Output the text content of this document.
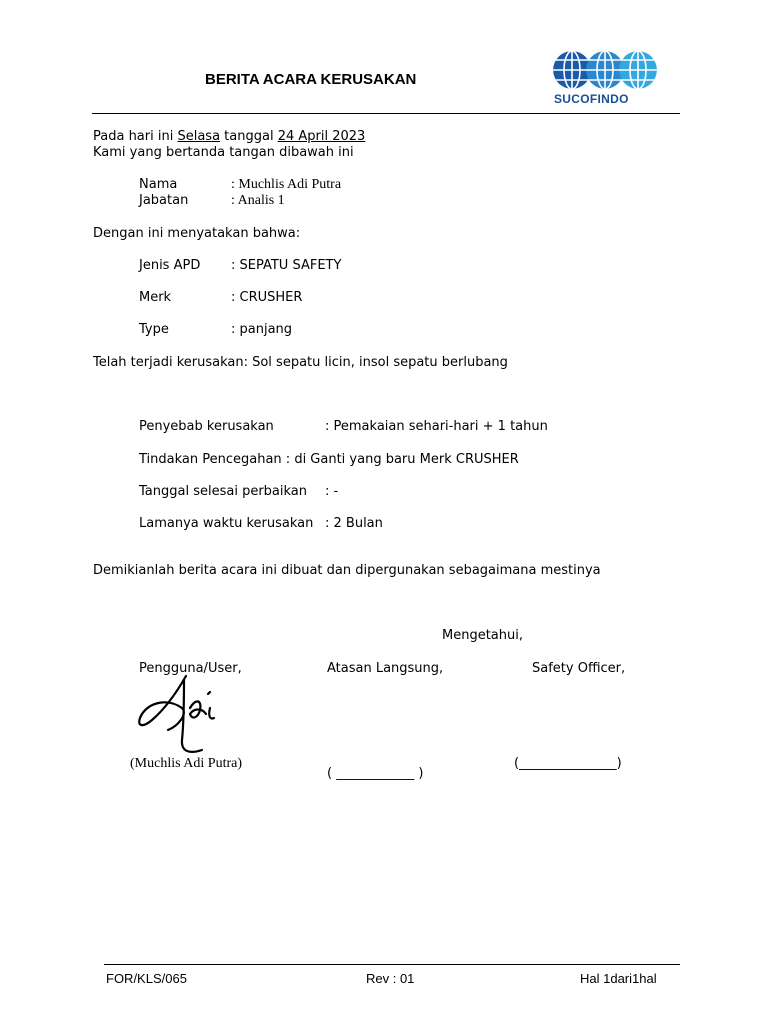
BERITA ACARA KERUSAKAN
SUCOFINDO
Pada hari ini Selasa tanggal 24 April 2023
Kami yang bertanda tangan dibawah ini
Nama	: Muchlis Adi Putra
Jabatan	: Analis 1
Dengan ini menyatakan bahwa:
Jenis APD : SEPATU SAFETY
Merk	: CRUSHER
Type	: panjang
Telah terjadi kerusakan: Sol sepatu licin, insol sepatu berlubang
Penyebab kerusakan	: Pemakaian sehari-hari + 1 tahun
Tindakan Pencegahan : di Ganti yang baru Merk CRUSHER
Tanggal selesai perbaikan : -
Lamanya waktu kerusakan : 2 Bulan
Demikianlah berita acara ini dibuat dan dipergunakan sebagaimana mestinya
Mengetahui,
Pengguna/User,	Atasan Langsung,	Safety Officer,
(Muchlis Adi Putra)
( ____________ )
(_______________)
FOR/KLS/065	Rev : 01	Hal 1dari1hal
